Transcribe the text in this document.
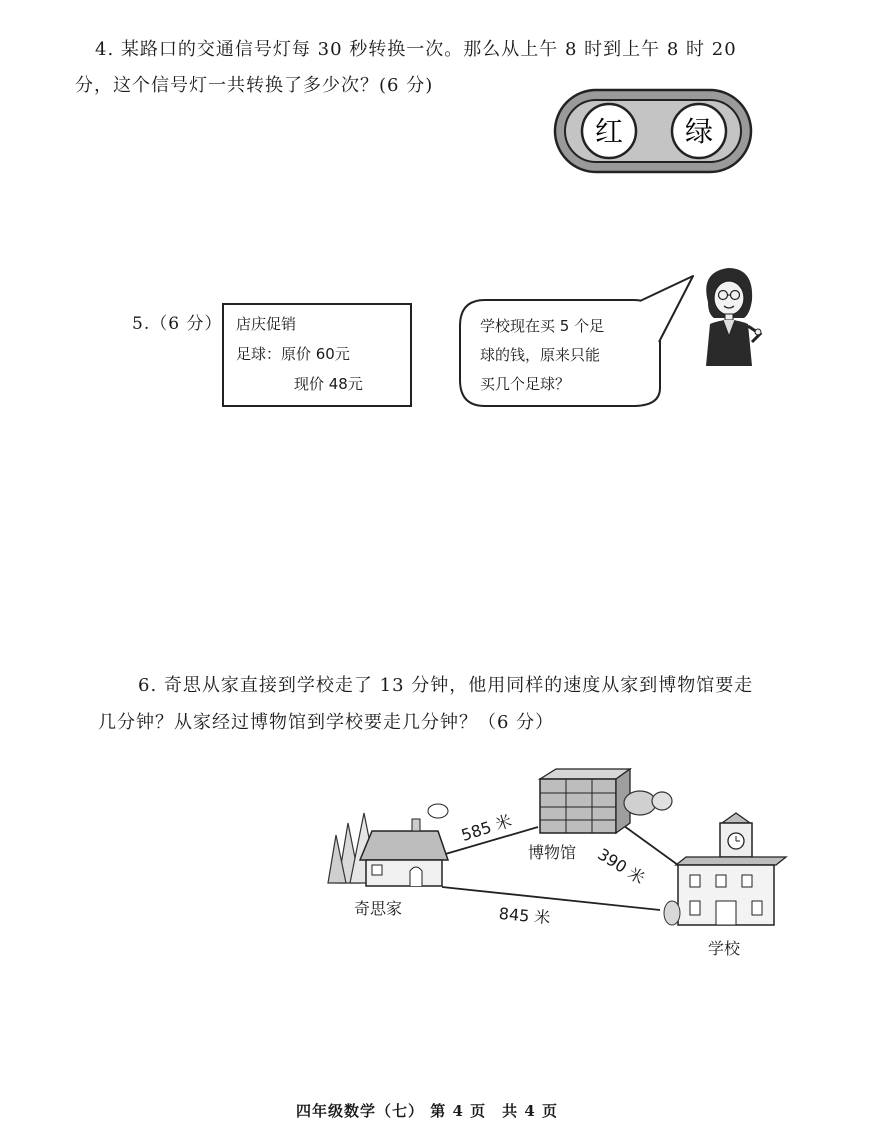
4. 某路口的交通信号灯每 30 秒转换一次。那么从上午 8 时到上午 8 时 20
分，这个信号灯一共转换了多少次？(6 分)
红 绿
5.（6 分） 店庆促销
足球：原价 60元
现价 48元
学校现在买 5 个足
球的钱，原来只能
买几个足球？
6. 奇思从家直接到学校走了 13 分钟，他用同样的速度从家到博物馆要走
几分钟？从家经过博物馆到学校要走几分钟？（6 分）
奇思家
博物馆
学校
585 米
390 米
845 米
四年级数学（七） 第 4 页　共 4 页
